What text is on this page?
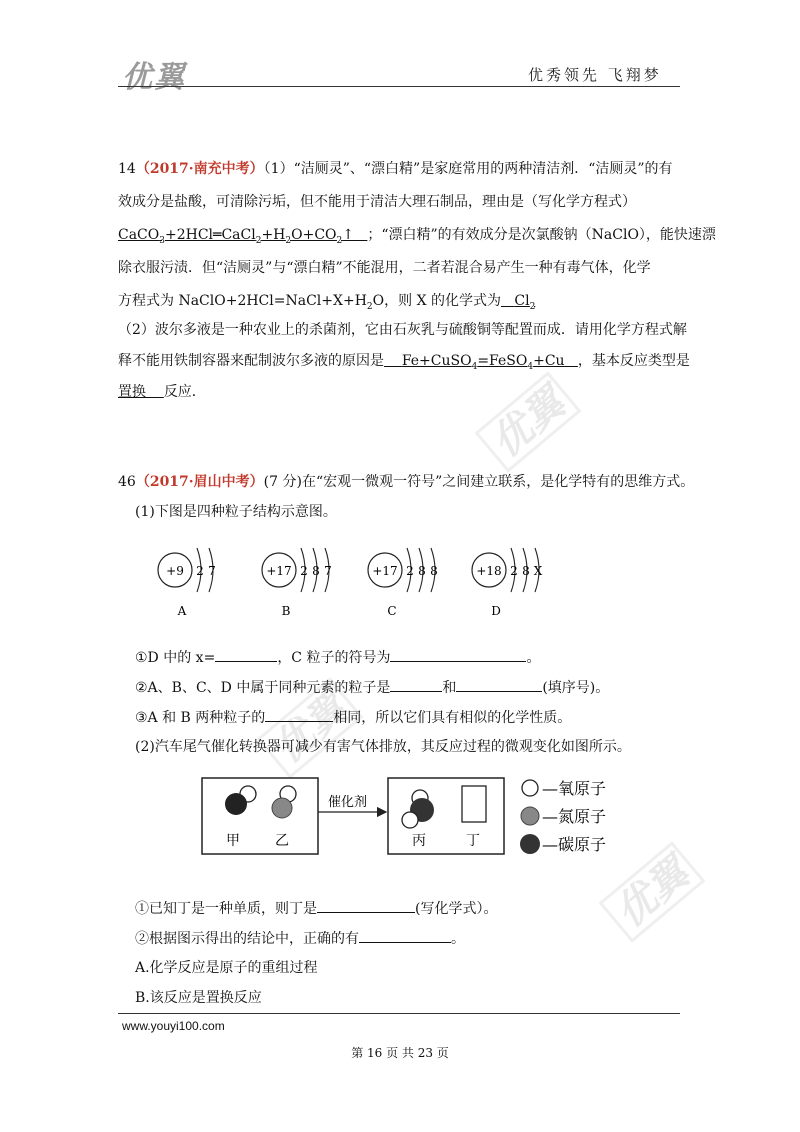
优翼	优秀领先 飞翔梦
优翼
优翼
优翼
14（2017·南充中考）（1）“洁厕灵”、“漂白精”是家庭常用的两种清洁剂．“洁厕灵”的有
效成分是盐酸，可清除污垢，但不能用于清洁大理石制品，理由是（写化学方程式）
$CaCO_3+2HCl═CaCl_2+H_2O+CO_2↑$ ；“漂白精”的有效成分是次氯酸钠（NaClO），能快速漂
除衣服污渍．但“洁厕灵”与“漂白精”不能混用，二者若混合易产生一种有毒气体，化学
方程式为 $NaClO+2HCl=NaCl+X+H_2O$，则 X 的化学式为 $Cl_2$
（2）波尔多液是一种农业上的杀菌剂，它由石灰乳与硫酸铜等配置而成．请用化学方程式解
释不能用铁制容器来配制波尔多液的原因是 Fe+CuSO$_4$=FeSO$_4$+Cu ，基本反应类型是
置换 反应．
46（2017·眉山中考）(7 分)在“宏观一微观一符号”之间建立联系，是化学特有的思维方式。
(1)下图是四种粒子结构示意图。
+9 2 7
A
+17 2 8 7
B
+17 2 8 8
C
+18 2 8 X
D
①D 中的 x=	，C 粒子的符号为	。
②A、B、C、D 中属于同种元素的粒子是	和	(填序号)。
③A 和 B 两种粒子的	相同，所以它们具有相似的化学性质。
(2)汽车尾气催化转换器可减少有害气体排放，其反应过程的微观变化如图所示。
甲	乙
催化剂
丙	丁
—氧原子
—氮原子
—碳原子
①已知丁是一种单质，则丁是	(写化学式）。
②根据图示得出的结论中，正确的有	。
A.化学反应是原子的重组过程
B.该反应是置换反应
www.youyi100.com
第 16 页 共 23 页
